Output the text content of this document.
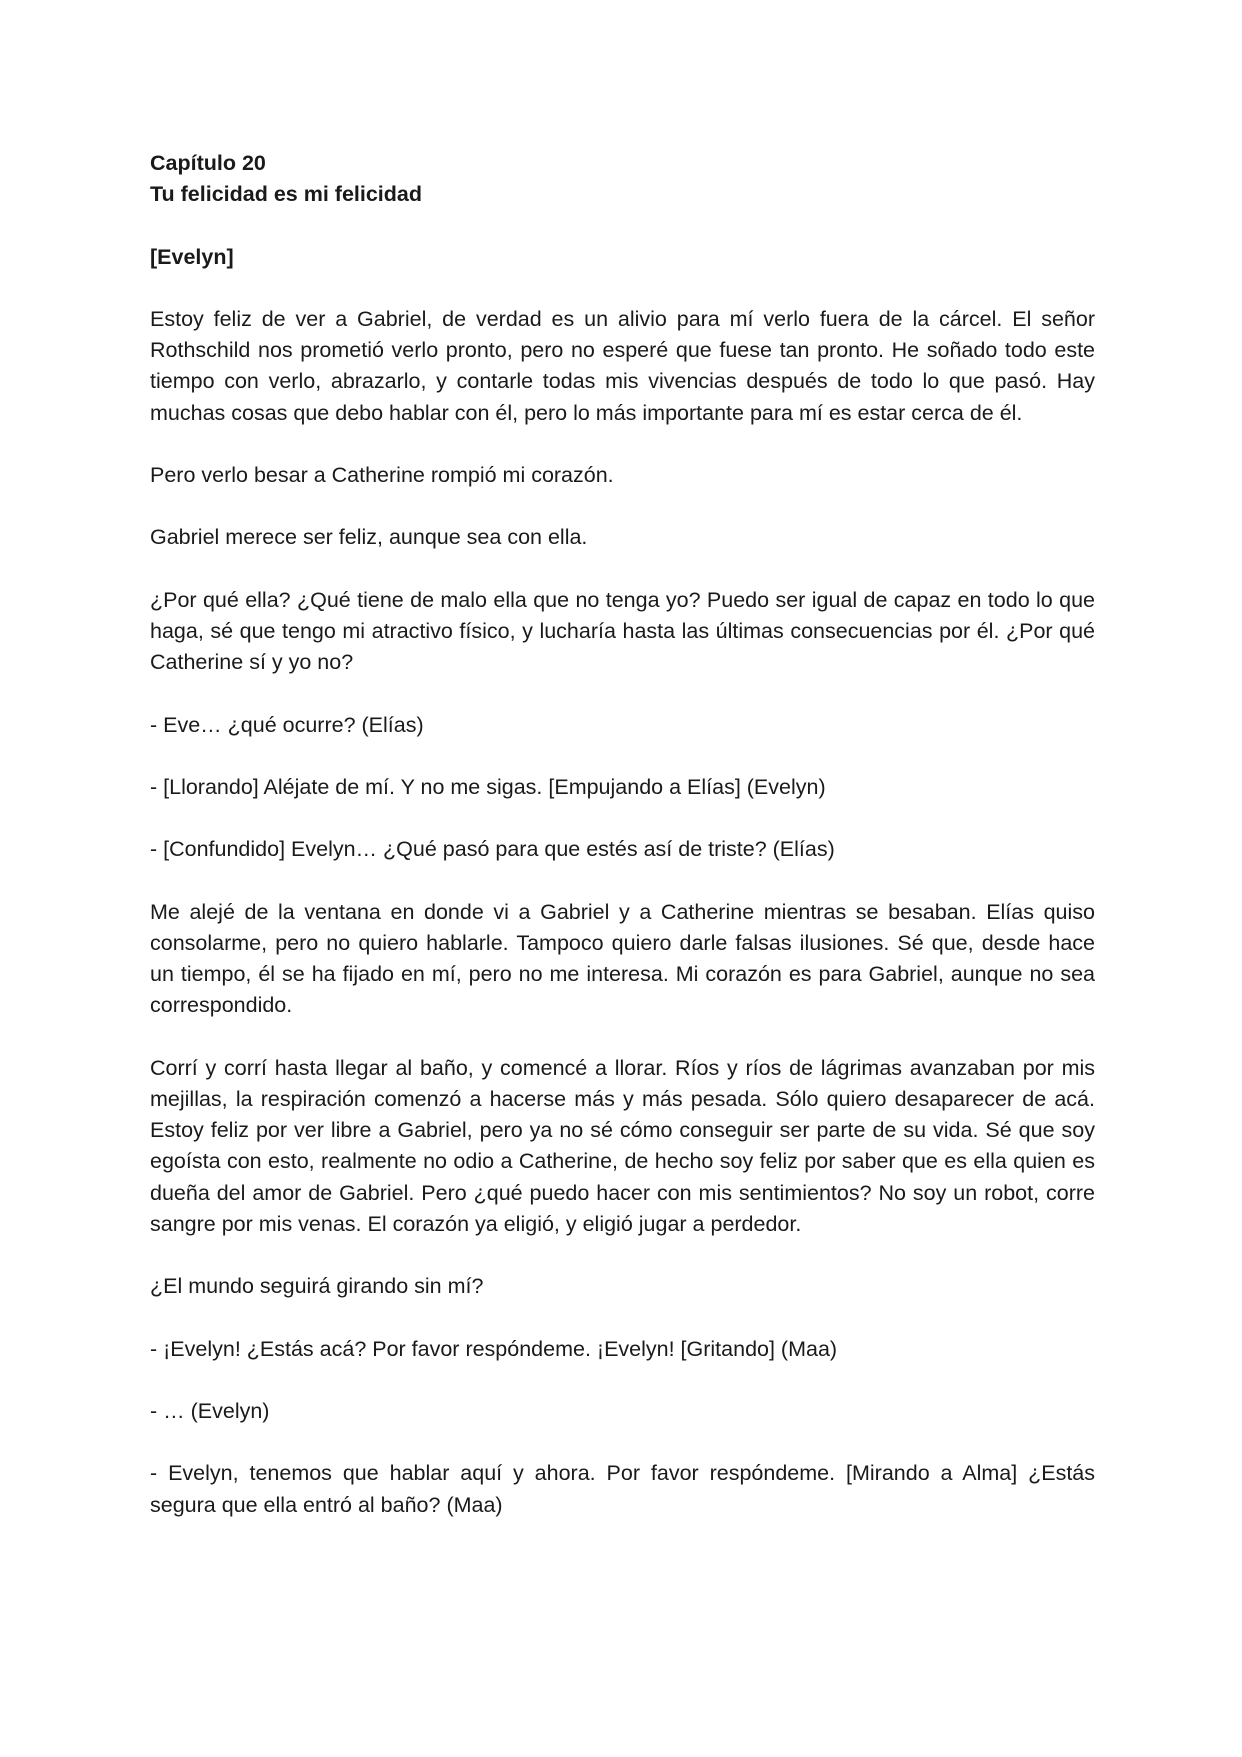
Capítulo 20

Tu felicidad es mi felicidad

[Evelyn]

Estoy feliz de ver a Gabriel, de verdad es un alivio para mí verlo fuera de la cárcel. El señor Rothschild nos prometió verlo pronto, pero no esperé que fuese tan pronto. He soñado todo este tiempo con verlo, abrazarlo, y contarle todas mis vivencias después de todo lo que pasó. Hay muchas cosas que debo hablar con él, pero lo más importante para mí es estar cerca de él.

Pero verlo besar a Catherine rompió mi corazón.

Gabriel merece ser feliz, aunque sea con ella.

¿Por qué ella? ¿Qué tiene de malo ella que no tenga yo? Puedo ser igual de capaz en todo lo que haga, sé que tengo mi atractivo físico, y lucharía hasta las últimas consecuencias por él. ¿Por qué Catherine sí y yo no?

- Eve… ¿qué ocurre? (Elías)

- [Llorando] Aléjate de mí. Y no me sigas. [Empujando a Elías] (Evelyn)

- [Confundido] Evelyn… ¿Qué pasó para que estés así de triste? (Elías)

Me alejé de la ventana en donde vi a Gabriel y a Catherine mientras se besaban. Elías quiso consolarme, pero no quiero hablarle. Tampoco quiero darle falsas ilusiones. Sé que, desde hace un tiempo, él se ha fijado en mí, pero no me interesa. Mi corazón es para Gabriel, aunque no sea correspondido.

Corrí y corrí hasta llegar al baño, y comencé a llorar. Ríos y ríos de lágrimas avanzaban por mis mejillas, la respiración comenzó a hacerse más y más pesada. Sólo quiero desaparecer de acá. Estoy feliz por ver libre a Gabriel, pero ya no sé cómo conseguir ser parte de su vida. Sé que soy egoísta con esto, realmente no odio a Catherine, de hecho soy feliz por saber que es ella quien es dueña del amor de Gabriel. Pero ¿qué puedo hacer con mis sentimientos? No soy un robot, corre sangre por mis venas. El corazón ya eligió, y eligió jugar a perdedor.

¿El mundo seguirá girando sin mí?

- ¡Evelyn! ¿Estás acá? Por favor respóndeme. ¡Evelyn! [Gritando] (Maa)

- … (Evelyn)

- Evelyn, tenemos que hablar aquí y ahora. Por favor respóndeme. [Mirando a Alma] ¿Estás segura que ella entró al baño? (Maa)
